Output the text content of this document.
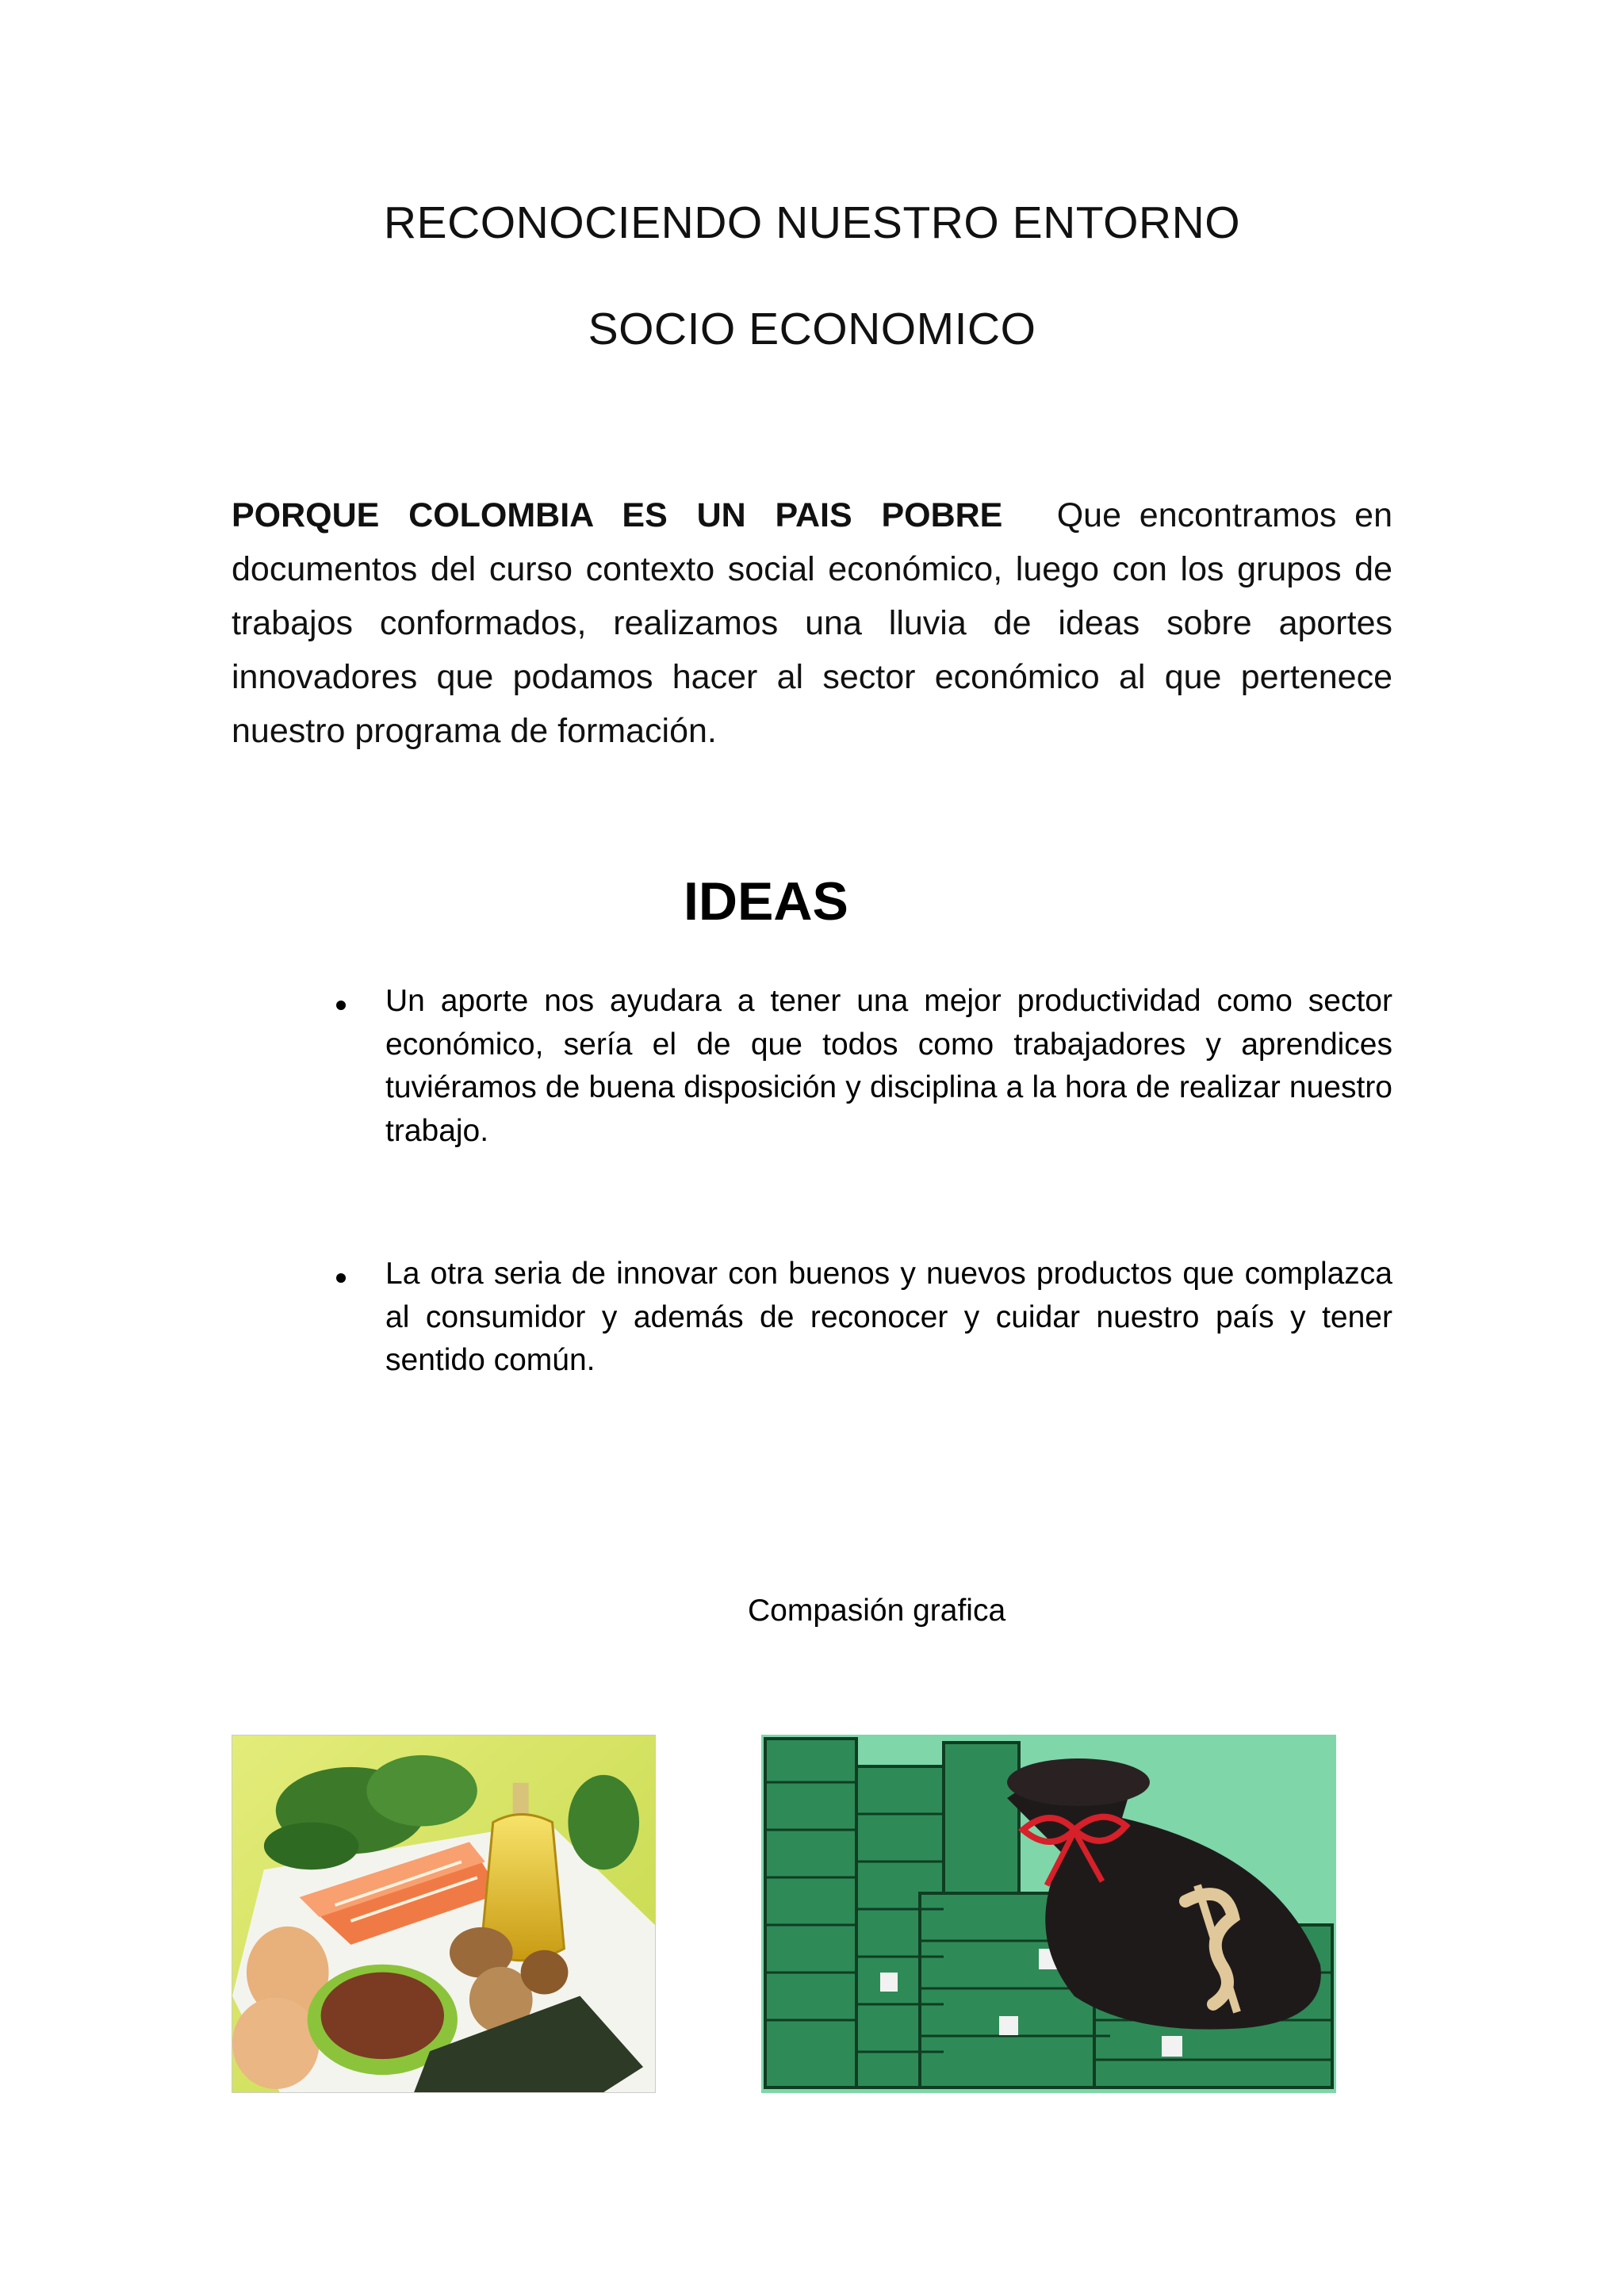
RECONOCIENDO NUESTRO ENTORNO
SOCIO ECONOMICO

PORQUE COLOMBIA ES UN PAIS POBRE Que encontramos en documentos del curso contexto social económico, luego con los grupos de trabajos conformados, realizamos una lluvia de ideas sobre aportes innovadores que podamos hacer al sector económico al que pertenece nuestro programa de formación.

IDEAS

Un aporte nos ayudara a tener una mejor productividad como sector económico, sería el de que todos como trabajadores y aprendices tuviéramos de buena disposición y disciplina a la hora de realizar nuestro trabajo.

La otra seria de innovar con buenos y nuevos productos que complazca al consumidor y además de reconocer y cuidar nuestro país y tener sentido común.

Compasión grafica
